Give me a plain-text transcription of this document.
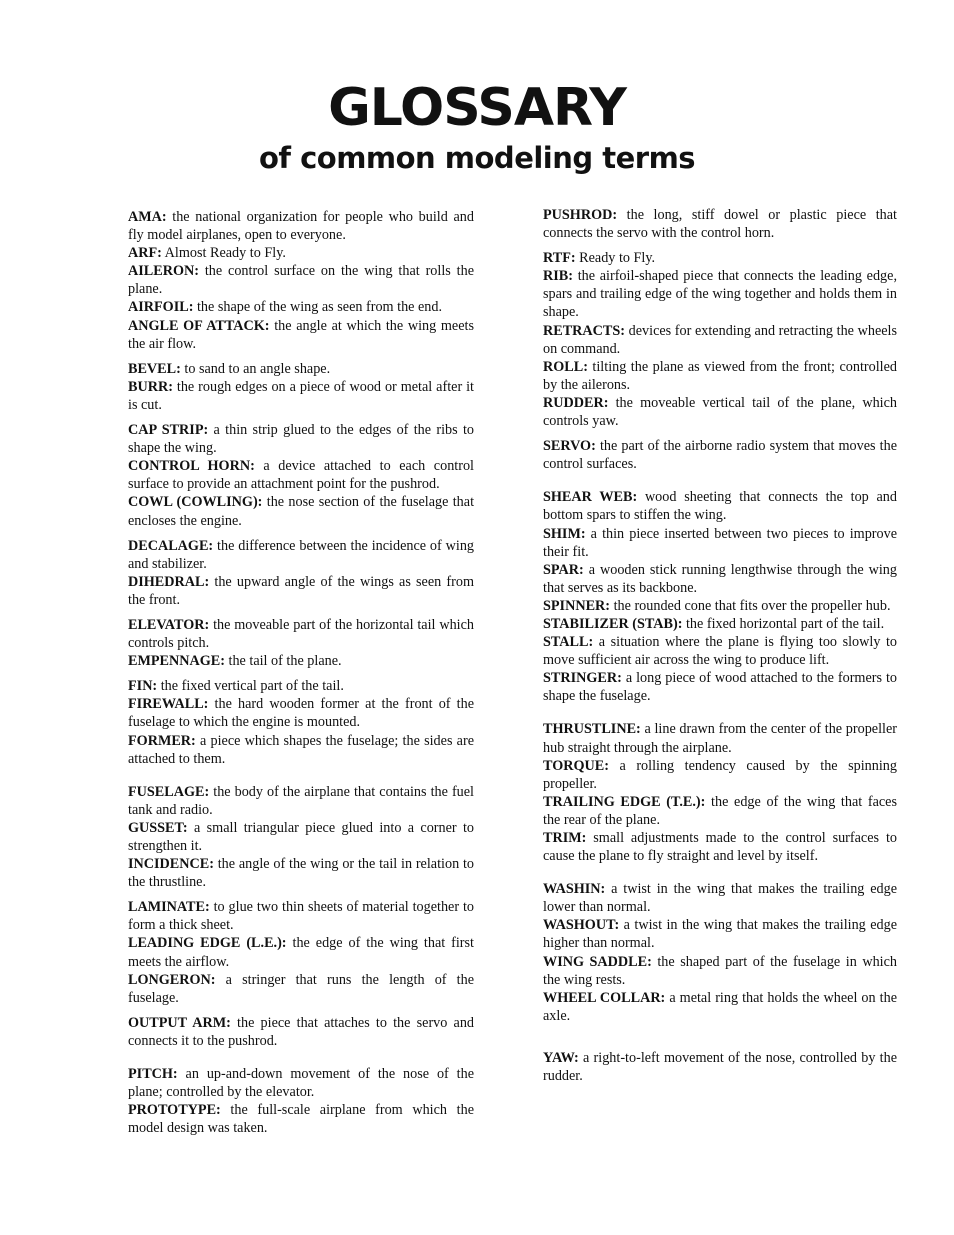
GLOSSARY
of common modeling terms

AMA: the national organization for people who build and fly model airplanes, open to everyone.

ARF: Almost Ready to Fly.

AILERON: the control surface on the wing that rolls the plane.

AIRFOIL: the shape of the wing as seen from the end.

ANGLE OF ATTACK: the angle at which the wing meets the air flow.

BEVEL: to sand to an angle shape.

BURR: the rough edges on a piece of wood or metal after it is cut.

CAP STRIP: a thin strip glued to the edges of the ribs to shape the wing.

CONTROL HORN: a device attached to each control surface to provide an attachment point for the pushrod.

COWL (COWLING): the nose section of the fuselage that encloses the engine.

DECALAGE: the difference between the incidence of wing and stabilizer.

DIHEDRAL: the upward angle of the wings as seen from the front.

ELEVATOR: the moveable part of the horizontal tail which controls pitch.

EMPENNAGE: the tail of the plane.

FIN: the fixed vertical part of the tail.

FIREWALL: the hard wooden former at the front of the fuselage to which the engine is mounted.

FORMER: a piece which shapes the fuselage; the sides are attached to them.

FUSELAGE: the body of the airplane that contains the fuel tank and radio.

GUSSET: a small triangular piece glued into a corner to strengthen it.

INCIDENCE: the angle of the wing or the tail in relation to the thrustline.

LAMINATE: to glue two thin sheets of material together to form a thick sheet.

LEADING EDGE (L.E.): the edge of the wing that first meets the airflow.

LONGERON: a stringer that runs the length of the fuselage.

OUTPUT ARM: the piece that attaches to the servo and connects it to the pushrod.

PITCH: an up-and-down movement of the nose of the plane; controlled by the elevator.

PROTOTYPE: the full-scale airplane from which the model design was taken.

PUSHROD: the long, stiff dowel or plastic piece that connects the servo with the control horn.

RTF: Ready to Fly.

RIB: the airfoil-shaped piece that connects the leading edge, spars and trailing edge of the wing together and holds them in shape.

RETRACTS: devices for extending and retracting the wheels on command.

ROLL: tilting the plane as viewed from the front; controlled by the ailerons.

RUDDER: the moveable vertical tail of the plane, which controls yaw.

SERVO: the part of the airborne radio system that moves the control surfaces.

SHEAR WEB: wood sheeting that connects the top and bottom spars to stiffen the wing.

SHIM: a thin piece inserted between two pieces to improve their fit.

SPAR: a wooden stick running lengthwise through the wing that serves as its backbone.

SPINNER: the rounded cone that fits over the propeller hub.

STABILIZER (STAB): the fixed horizontal part of the tail.

STALL: a situation where the plane is flying too slowly to move sufficient air across the wing to produce lift.

STRINGER: a long piece of wood attached to the formers to shape the fuselage.

THRUSTLINE: a line drawn from the center of the propeller hub straight through the airplane.

TORQUE: a rolling tendency caused by the spinning propeller.

TRAILING EDGE (T.E.): the edge of the wing that faces the rear of the plane.

TRIM: small adjustments made to the control surfaces to cause the plane to fly straight and level by itself.

WASHIN: a twist in the wing that makes the trailing edge lower than normal.

WASHOUT: a twist in the wing that makes the trailing edge higher than normal.

WING SADDLE: the shaped part of the fuselage in which the wing rests.

WHEEL COLLAR: a metal ring that holds the wheel on the axle.

YAW: a right-to-left movement of the nose, controlled by the rudder.
